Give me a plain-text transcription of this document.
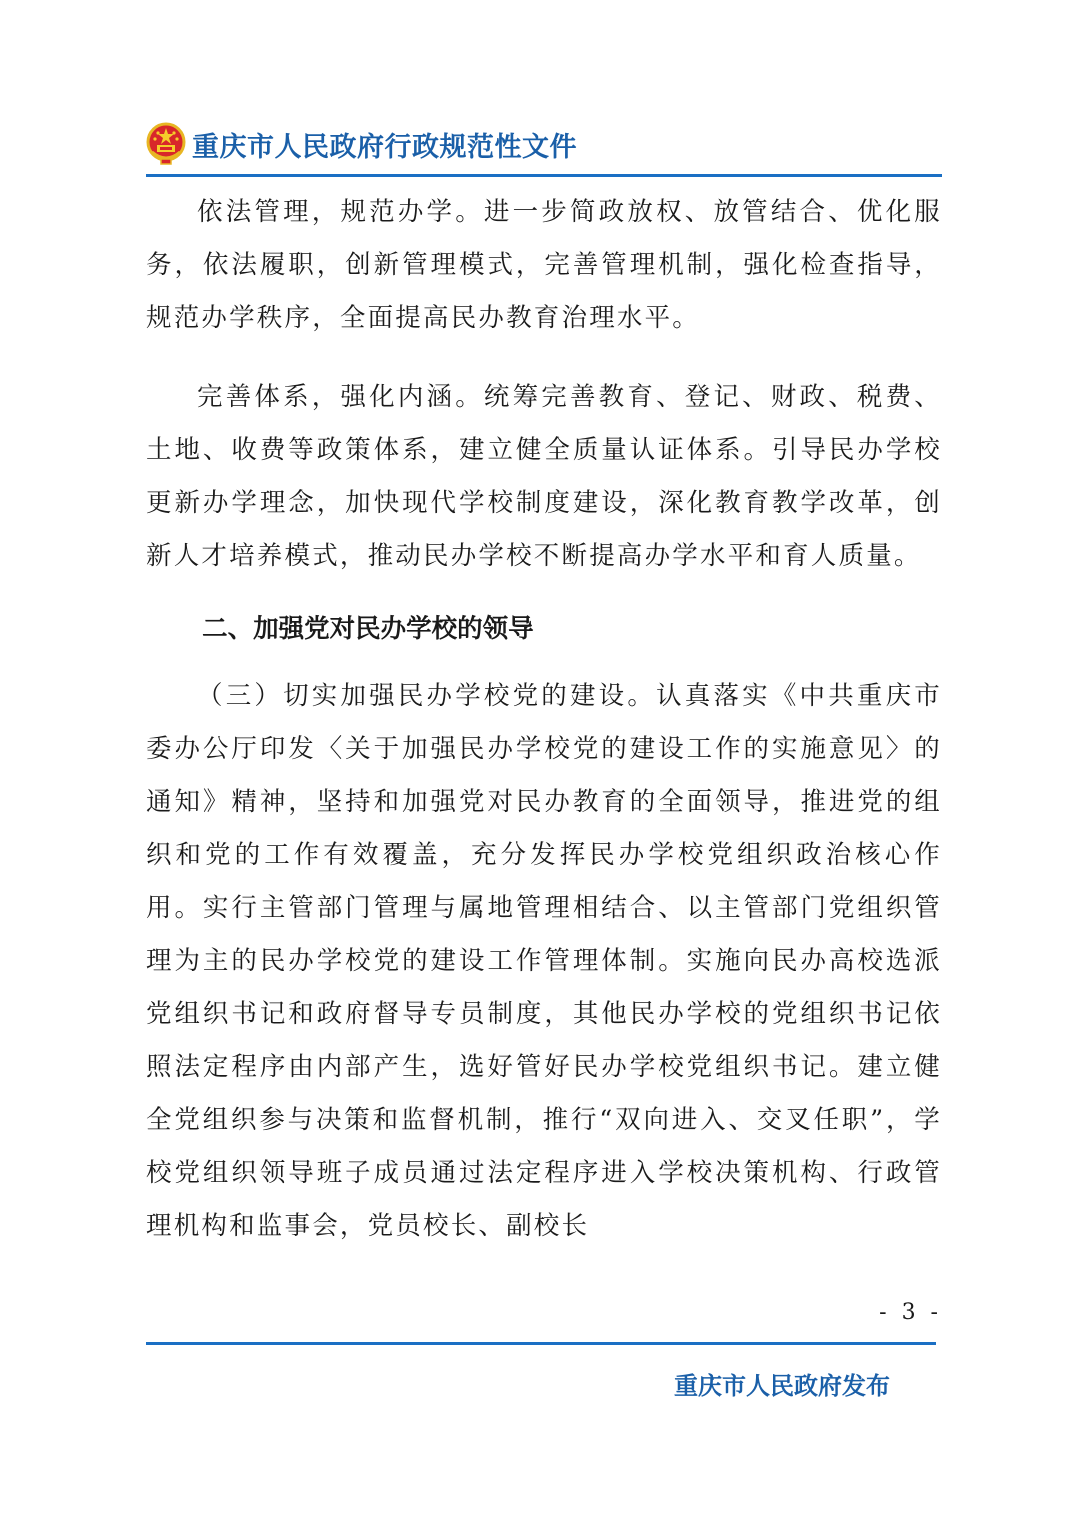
重庆市人民政府行政规范性文件

依法管理，规范办学。进一步简政放权、放管结合、优化服务，依法履职，创新管理模式，完善管理机制，强化检查指导，规范办学秩序，全面提高民办教育治理水平。

完善体系，强化内涵。统筹完善教育、登记、财政、税费、土地、收费等政策体系，建立健全质量认证体系。引导民办学校更新办学理念，加快现代学校制度建设，深化教育教学改革，创新人才培养模式，推动民办学校不断提高办学水平和育人质量。

二、加强党对民办学校的领导

（三）切实加强民办学校党的建设。认真落实《中共重庆市委办公厅印发〈关于加强民办学校党的建设工作的实施意见〉的通知》精神，坚持和加强党对民办教育的全面领导，推进党的组织和党的工作有效覆盖，充分发挥民办学校党组织政治核心作用。实行主管部门管理与属地管理相结合、以主管部门党组织管理为主的民办学校党的建设工作管理体制。实施向民办高校选派党组织书记和政府督导专员制度，其他民办学校的党组织书记依照法定程序由内部产生，选好管好民办学校党组织书记。建立健全党组织参与决策和监督机制，推行“双向进入、交叉任职”，学校党组织领导班子成员通过法定程序进入学校决策机构、行政管理机构和监事会，党员校长、副校长

- 3 -
重庆市人民政府发布
